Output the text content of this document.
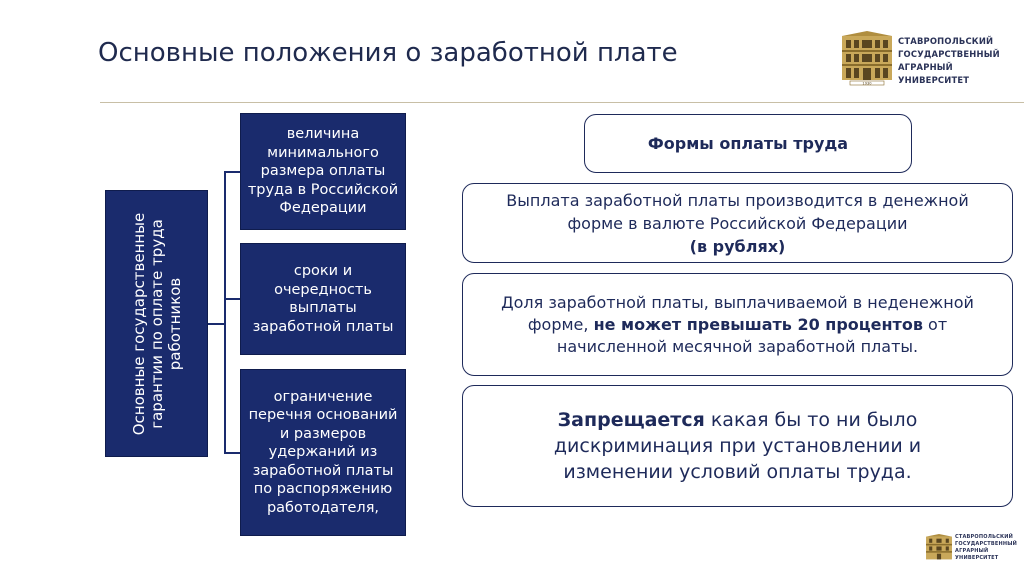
Основные положения о заработной плате
1930
СТАВРОПОЛЬСКИЙ
ГОСУДАРСТВЕННЫЙ
АГРАРНЫЙ УНИВЕРСИТЕТ
Основные государственные гарантии по оплате труда работников
величина минимального размера оплаты труда в Российской Федерации
сроки и очередность выплаты заработной платы
ограничение перечня оснований и размеров удержаний из заработной платы по распоряжению работодателя,
Формы оплаты труда
Выплата заработной платы производится в денежной форме в валюте Российской Федерации
(в рублях)
Доля заработной платы, выплачиваемой в неденежной форме, не может превышать 20 процентов от начисленной месячной заработной платы.
Запрещается какая бы то ни было дискриминация при установлении и изменении условий оплаты труда.
СТАВРОПОЛЬСКИЙ
ГОСУДАРСТВЕННЫЙ
АГРАРНЫЙ УНИВЕРСИТЕТ
